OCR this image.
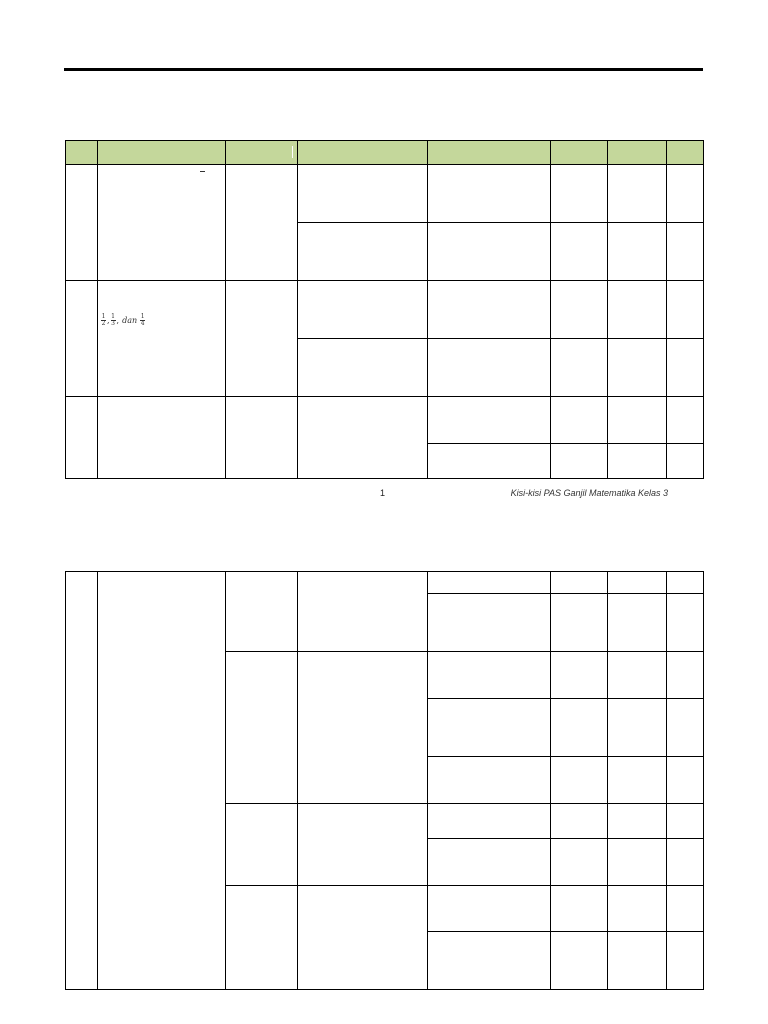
$\frac{1}{2}$ , $\frac{1}{3}$ , dan $\frac{1}{4}$
1	Kisi-kisi PAS Ganjil Matematika Kelas 3
